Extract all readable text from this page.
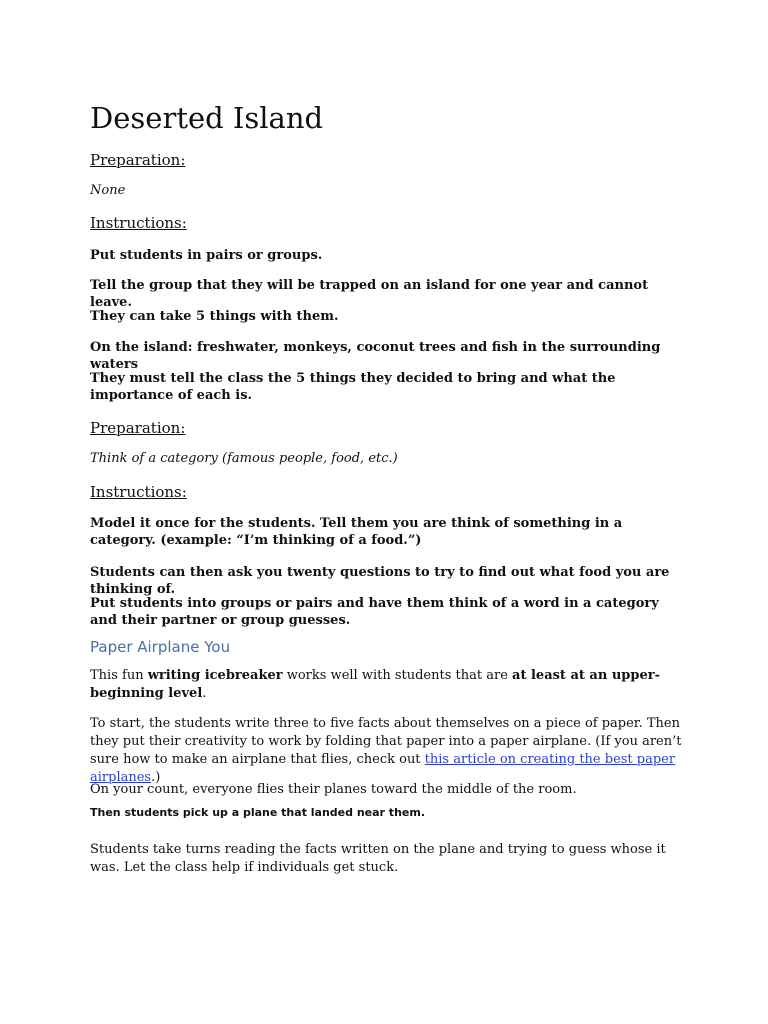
Deserted Island
Preparation:
None
Instructions:
Put students in pairs or groups.
Tell the group that they will be trapped on an island for one year and cannot leave.
They can take 5 things with them.
On the island: freshwater, monkeys, coconut trees and fish in the surrounding waters
They must tell the class the 5 things they decided to bring and what the importance of each is.
Preparation:
Think of a category (famous people, food, etc.)
Instructions:
Model it once for the students. Tell them you are think of something in a category. (example: “I’m thinking of a food.”)
Students can then ask you twenty questions to try to find out what food you are thinking of.
Put students into groups or pairs and have them think of a word in a category and their partner or group guesses.
Paper Airplane You
This fun writing icebreaker works well with students that are at least at an upper-beginning level.
To start, the students write three to five facts about themselves on a piece of paper. Then they put their creativity to work by folding that paper into a paper airplane. (If you aren’t sure how to make an airplane that flies, check out this article on creating the best paper airplanes.)
On your count, everyone flies their planes toward the middle of the room.
Then students pick up a plane that landed near them.
Students take turns reading the facts written on the plane and trying to guess whose it was. Let the class help if individuals get stuck.
